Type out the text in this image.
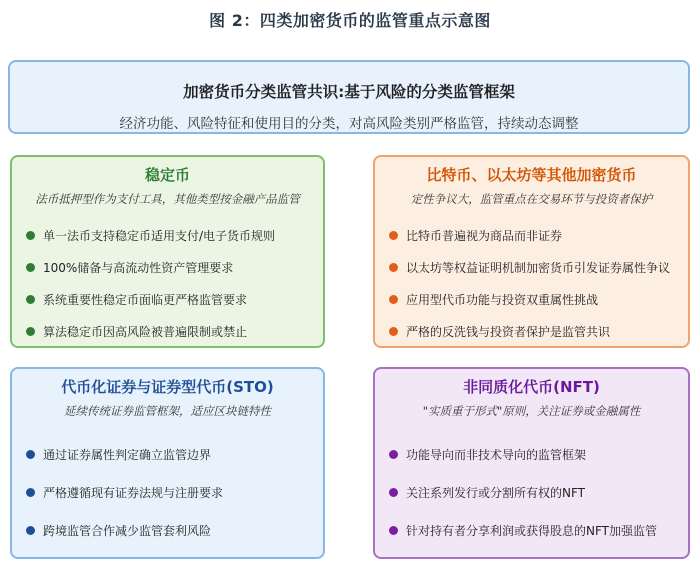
图 2：四类加密货币的监管重点示意图
加密货币分类监管共识:基于风险的分类监管框架
经济功能、风险特征和使用目的分类，对高风险类别严格监管，持续动态调整
稳定币
法币抵押型作为支付工具，其他类型按金融产品监管
单一法币支持稳定币适用支付/电子货币规则
100%储备与高流动性资产管理要求
系统重要性稳定币面临更严格监管要求
算法稳定币因高风险被普遍限制或禁止
比特币、以太坊等其他加密货币
定性争议大，监管重点在交易环节与投资者保护
比特币普遍视为商品而非证券
以太坊等权益证明机制加密货币引发证券属性争议
应用型代币功能与投资双重属性挑战
严格的反洗钱与投资者保护是监管共识
代币化证券与证券型代币(STO)
延续传统证券监管框架，适应区块链特性
通过证券属性判定确立监管边界
严格遵循现有证券法规与注册要求
跨境监管合作减少监管套利风险
非同质化代币(NFT)
"实质重于形式"原则，关注证券或金融属性
功能导向而非技术导向的监管框架
关注系列发行或分割所有权的NFT
针对持有者分享利润或获得股息的NFT加强监管
